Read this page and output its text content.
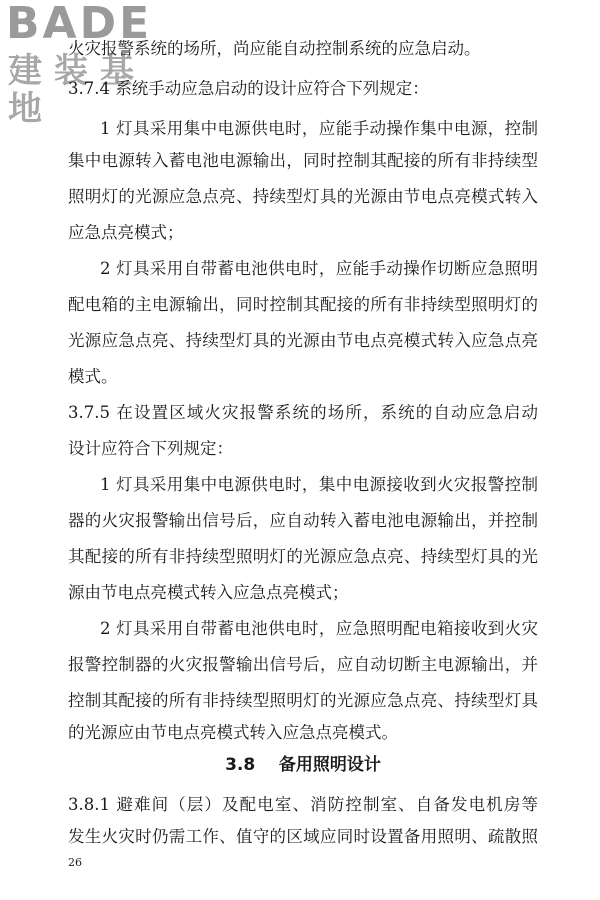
BADE
建装基地
火灾报警系统的场所，尚应能自动控制系统的应急启动。
3.7.4 系统手动应急启动的设计应符合下列规定：
1 灯具采用集中电源供电时，应能手动操作集中电源，控制
集中电源转入蓄电池电源输出，同时控制其配接的所有非持续型
照明灯的光源应急点亮、持续型灯具的光源由节电点亮模式转入
应急点亮模式；
2 灯具采用自带蓄电池供电时，应能手动操作切断应急照明
配电箱的主电源输出，同时控制其配接的所有非持续型照明灯的
光源应急点亮、持续型灯具的光源由节电点亮模式转入应急点亮
模式。
3.7.5 在设置区域火灾报警系统的场所，系统的自动应急启动
设计应符合下列规定：
1 灯具采用集中电源供电时，集中电源接收到火灾报警控制
器的火灾报警输出信号后，应自动转入蓄电池电源输出，并控制
其配接的所有非持续型照明灯的光源应急点亮、持续型灯具的光
源由节电点亮模式转入应急点亮模式；
2 灯具采用自带蓄电池供电时，应急照明配电箱接收到火灾
报警控制器的火灾报警输出信号后，应自动切断主电源输出，并
控制其配接的所有非持续型照明灯的光源应急点亮、持续型灯具
的光源应由节电点亮模式转入应急点亮模式。
3.8    备用照明设计
3.8.1 避难间（层）及配电室、消防控制室、自备发电机房等
发生火灾时仍需工作、值守的区域应同时设置备用照明、疏散照
26
